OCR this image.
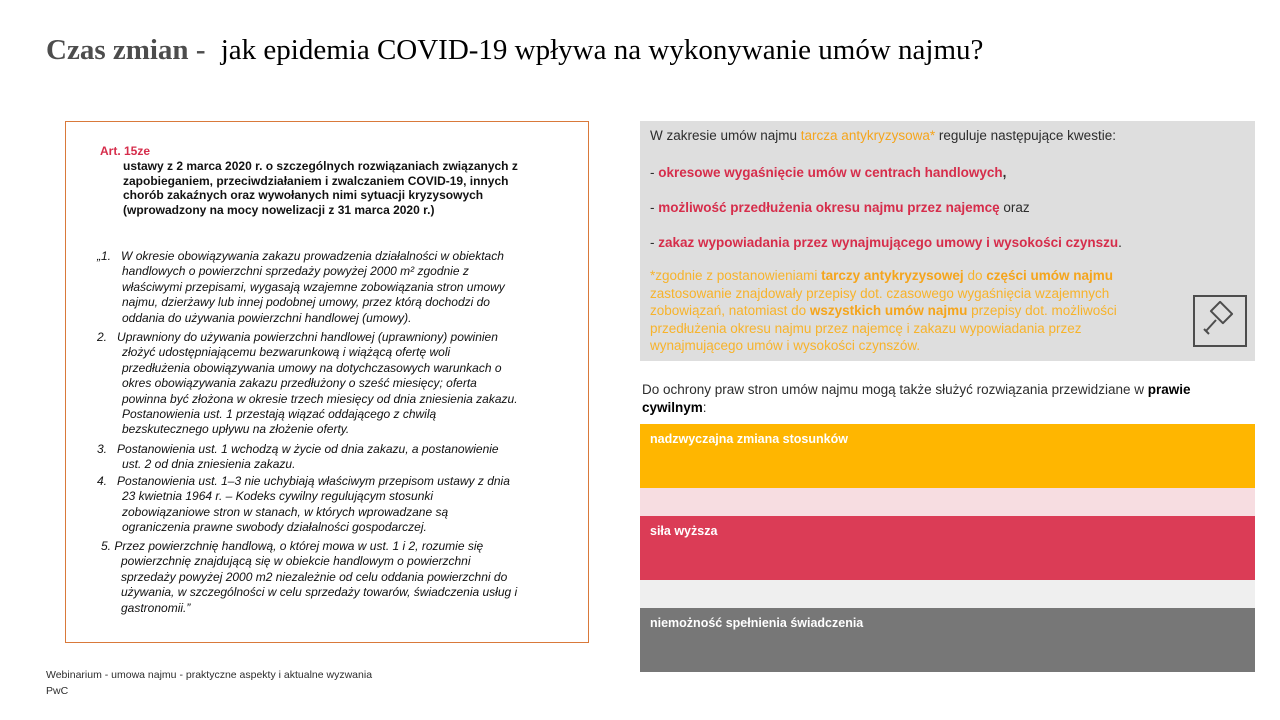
Czas zmian - jak epidemia COVID-19 wpływa na wykonywanie umów najmu?
Art. 15ze
ustawy z 2 marca 2020 r. o szczególnych rozwiązaniach związanych z
zapobieganiem, przeciwdziałaniem i zwalczaniem COVID-19, innych
chorób zakaźnych oraz wywołanych nimi sytuacji kryzysowych
(wprowadzony na mocy nowelizacji z 31 marca 2020 r.)
„1. W okresie obowiązywania zakazu prowadzenia działalności w obiektach
handlowych o powierzchni sprzedaży powyżej 2000 m² zgodnie z
właściwymi przepisami, wygasają wzajemne zobowiązania stron umowy
najmu, dzierżawy lub innej podobnej umowy, przez którą dochodzi do
oddania do używania powierzchni handlowej (umowy).
2. Uprawniony do używania powierzchni handlowej (uprawniony) powinien
złożyć udostępniającemu bezwarunkową i wiążącą ofertę woli
przedłużenia obowiązywania umowy na dotychczasowych warunkach o
okres obowiązywania zakazu przedłużony o sześć miesięcy; oferta
powinna być złożona w okresie trzech miesięcy od dnia zniesienia zakazu.
Postanowienia ust. 1 przestają wiązać oddającego z chwilą
bezskutecznego upływu na złożenie oferty.
3. Postanowienia ust. 1 wchodzą w życie od dnia zakazu, a postanowienie
ust. 2 od dnia zniesienia zakazu.
4. Postanowienia ust. 1–3 nie uchybiają właściwym przepisom ustawy z dnia
23 kwietnia 1964 r. – Kodeks cywilny regulującym stosunki
zobowiązaniowe stron w stanach, w których wprowadzane są
ograniczenia prawne swobody działalności gospodarczej.
5. Przez powierzchnię handlową, o której mowa w ust. 1 i 2, rozumie się
powierzchnię znajdującą się w obiekcie handlowym o powierzchni
sprzedaży powyżej 2000 m2 niezależnie od celu oddania powierzchni do
używania, w szczególności w celu sprzedaży towarów, świadczenia usług i
gastronomii.”
W zakresie umów najmu tarcza antykryzysowa* reguluje następujące kwestie:
- okresowe wygaśnięcie umów w centrach handlowych,
- możliwość przedłużenia okresu najmu przez najemcę oraz
- zakaz wypowiadania przez wynajmującego umowy i wysokości czynszu.
*zgodnie z postanowieniami tarczy antykryzysowej do części umów najmu zastosowanie znajdowały przepisy dot. czasowego wygaśnięcia wzajemnych zobowiązań, natomiast do wszystkich umów najmu przepisy dot. możliwości przedłużenia okresu najmu przez najemcę i zakazu wypowiadania przez wynajmującego umów i wysokości czynszów.
Do ochrony praw stron umów najmu mogą także służyć rozwiązania przewidziane w prawie
cywilnym:
nadzwyczajna zmiana stosunków
siła wyższa
niemożność spełnienia świadczenia
Webinarium - umowa najmu - praktyczne aspekty i aktualne wyzwania
PwC
